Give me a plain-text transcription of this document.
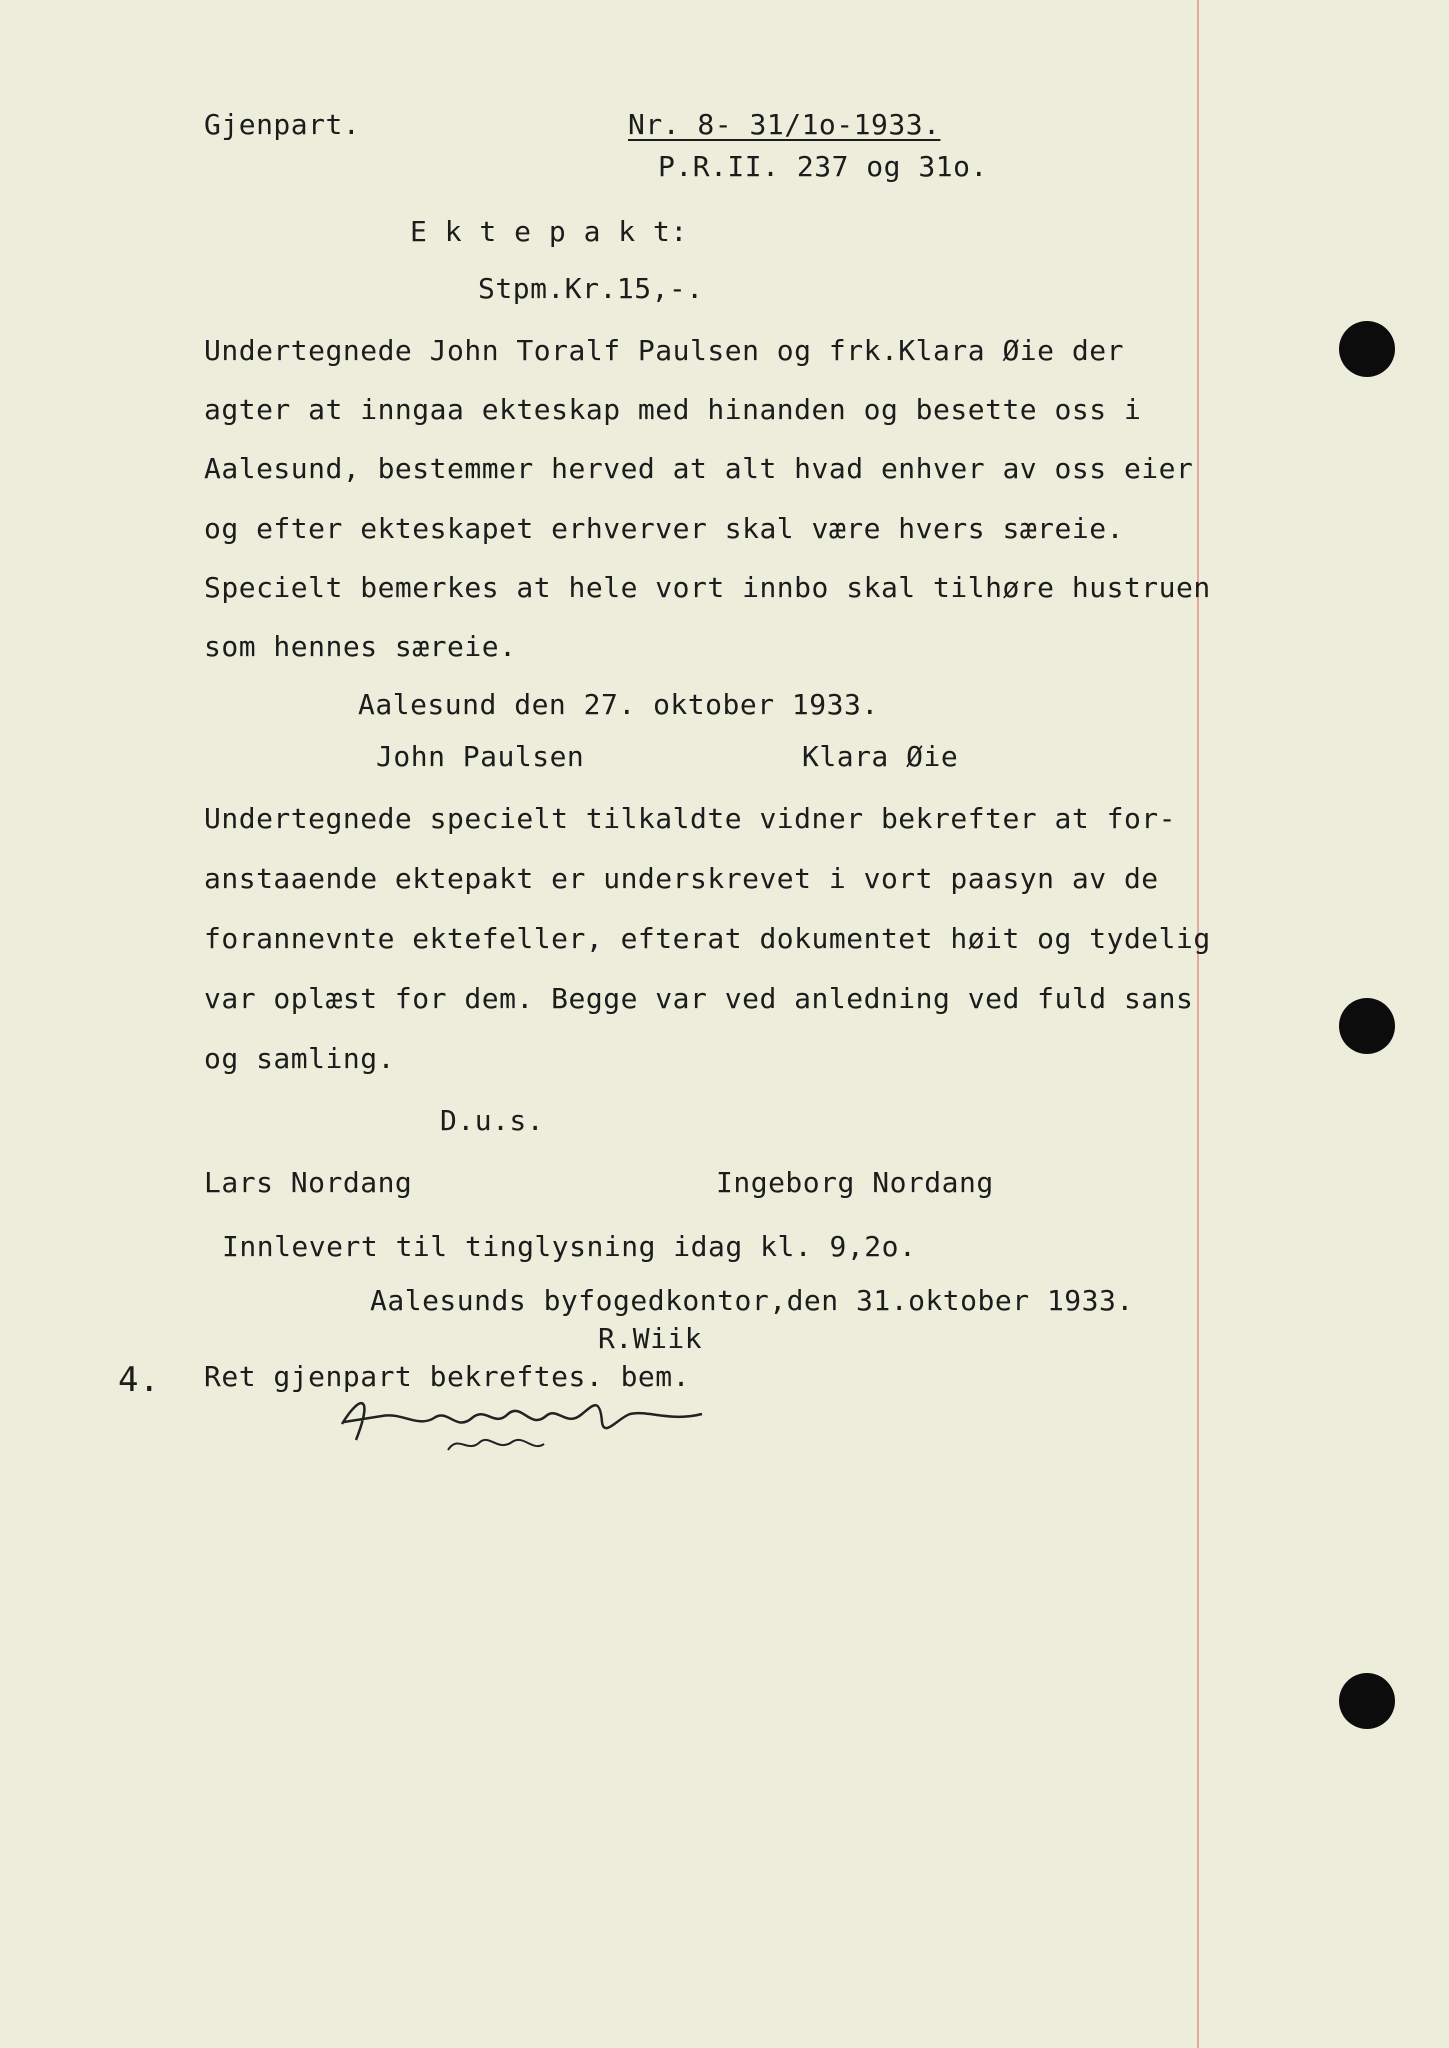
Gjenpart.	Nr. 8- 31/1o-1933.
P.R.II. 237 og 31o.
E k t e p a k t:
Stpm.Kr.15,-.
Undertegnede John Toralf Paulsen og frk.Klara Øie der
agter at inngaa ekteskap med hinanden og besette oss i
Aalesund, bestemmer herved at alt hvad enhver av oss eier
og efter ekteskapet erhverver skal være hvers særeie.
Specielt bemerkes at hele vort innbo skal tilhøre hustruen
som hennes særeie.
Aalesund den 27. oktober 1933.
John Paulsen	Klara Øie
Undertegnede specielt tilkaldte vidner bekrefter at for-
anstaaende ektepakt er underskrevet i vort paasyn av de
forannevnte ektefeller, efterat dokumentet høit og tydelig
var oplæst for dem. Begge var ved anledning ved fuld sans
og samling.
D.u.s.
Lars Nordang	Ingeborg Nordang
Innlevert til tinglysning idag kl. 9,2o.
Aalesunds byfogedkontor,den 31.oktober 1933.
R.Wiik
4. Ret gjenpart bekreftes. bem.
